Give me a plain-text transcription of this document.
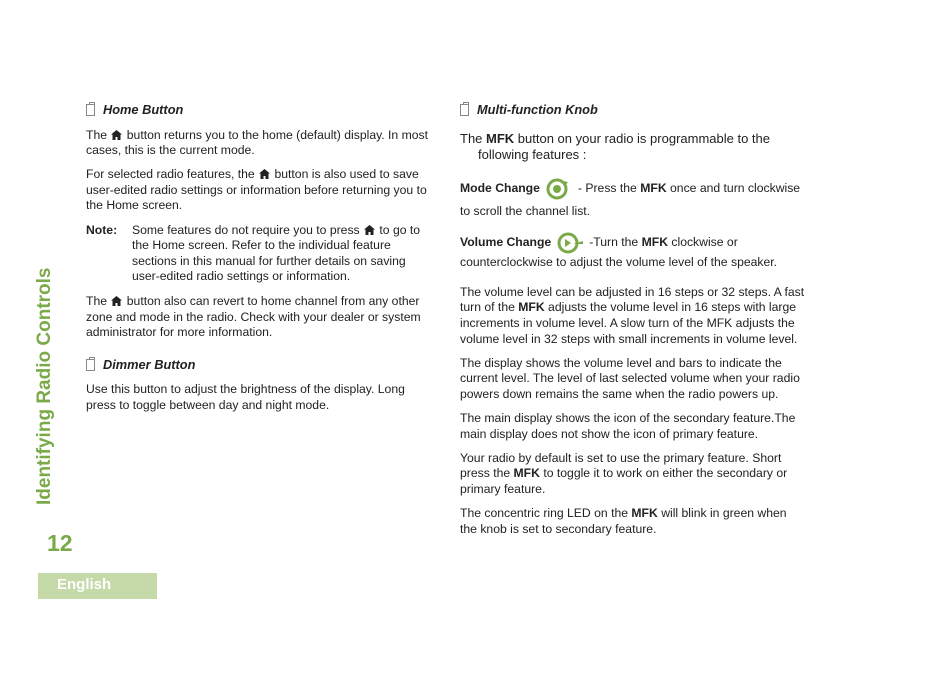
Identifying Radio Controls
12
English
Home Button

The  button returns you to the home (default) display. In most cases, this is the current mode.

For selected radio features, the  button is also used to save user-edited radio settings or information before returning you to the Home screen.

Note:	Some features do not require you to press  to go to the Home screen. Refer to the individual feature sections in this manual for further details on saving user-edited radio settings or information.

The  button also can revert to home channel from any other zone and mode in the radio. Check with your dealer or system administrator for more information.

Dimmer Button

Use this button to adjust the brightness of the display. Long press to toggle between day and night mode.

Multi-function Knob

The MFK button on your radio is programmable to the
following features :

Mode Change	- Press the MFK once and turn clockwise
to scroll the channel list.
Volume Change	-Turn the MFK clockwise or
counterclockwise to adjust the volume level of the speaker.

The volume level can be adjusted in 16 steps or 32 steps. A fast turn of the MFK adjusts the volume level in 16 steps with large increments in volume level. A slow turn of the MFK adjusts the volume level in 32 steps with small increments in volume level.

The display shows the volume level and bars to indicate the current level. The level of last selected volume when your radio powers down remains the same when the radio powers up.

The main display shows the icon of the secondary feature.The main display does not show the icon of primary feature.

Your radio by default is set to use the primary feature. Short press the MFK to toggle it to work on either the secondary or primary feature.

The concentric ring LED on the MFK will blink in green when the knob is set to secondary feature.
